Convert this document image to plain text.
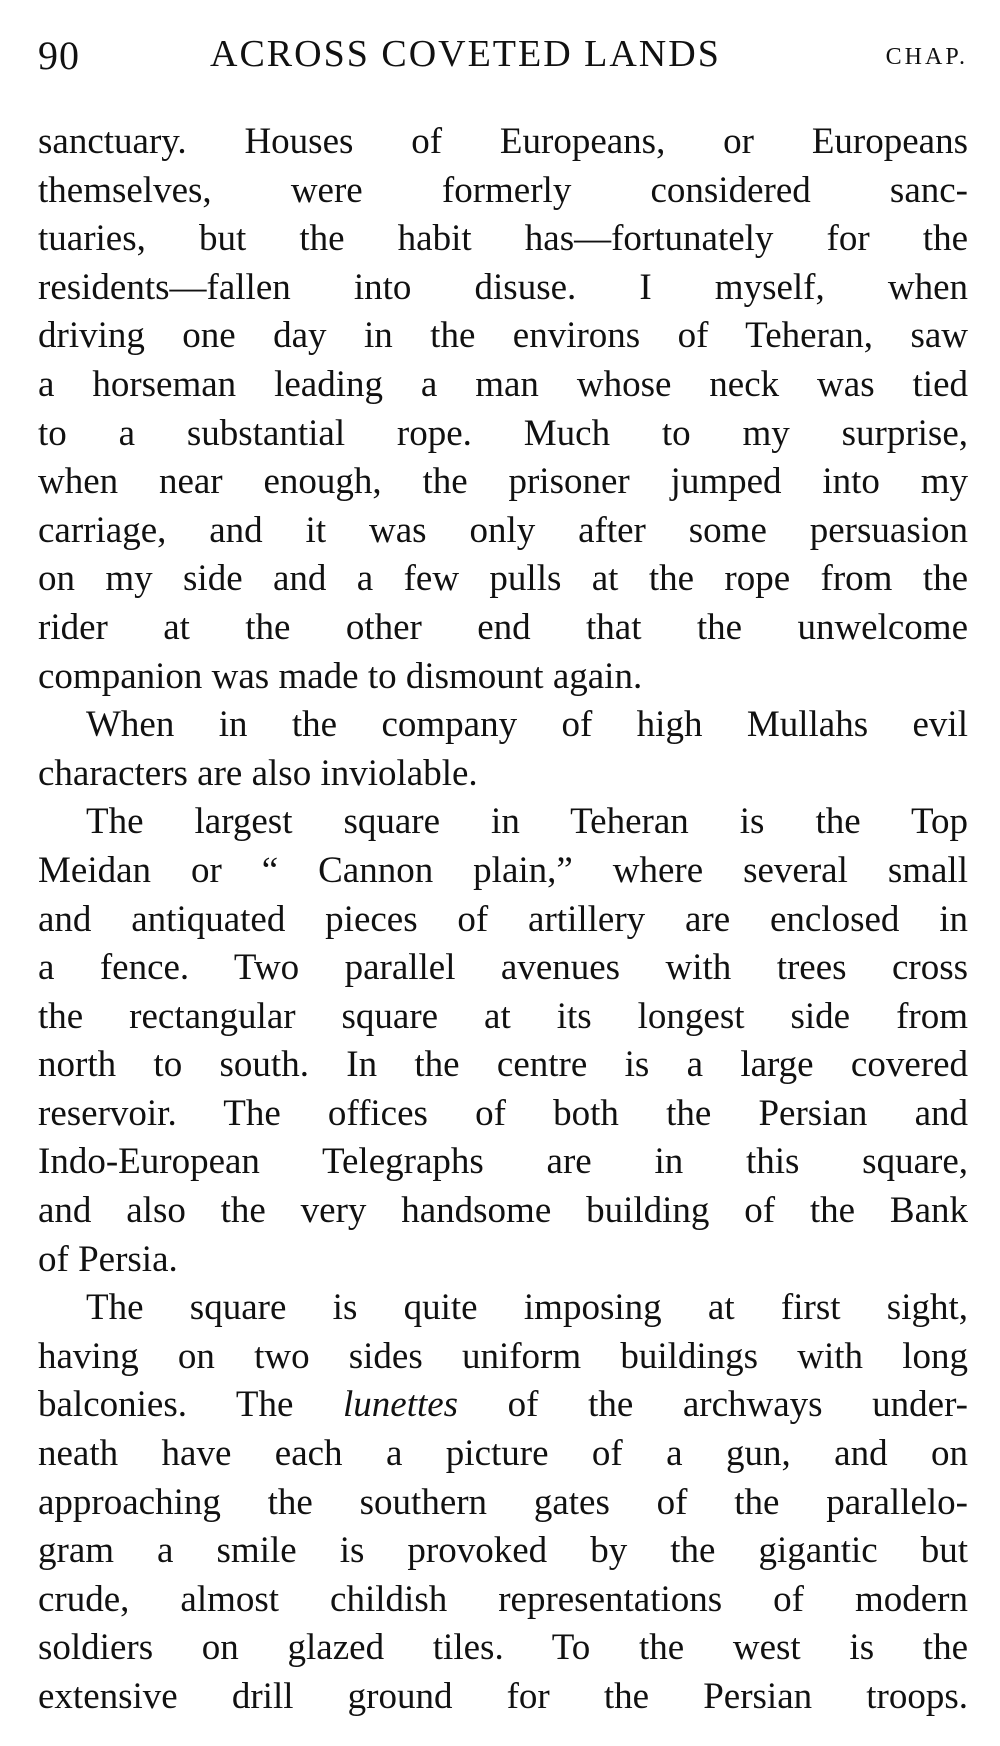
90	ACROSS COVETED LANDS	CHAP.
sanctuary. Houses of Europeans, or Europeans
themselves, were formerly considered sanc-
tuaries, but the habit has—fortunately for the
residents—fallen into disuse. I myself, when
driving one day in the environs of Teheran, saw
a horseman leading a man whose neck was tied
to a substantial rope. Much to my surprise,
when near enough, the prisoner jumped into my
carriage, and it was only after some persuasion
on my side and a few pulls at the rope from the
rider at the other end that the unwelcome
companion was made to dismount again.
When in the company of high Mullahs evil
characters are also inviolable.
The largest square in Teheran is the Top
Meidan or “ Cannon plain,” where several small
and antiquated pieces of artillery are enclosed in
a fence. Two parallel avenues with trees cross
the rectangular square at its longest side from
north to south. In the centre is a large covered
reservoir. The offices of both the Persian and
Indo-European Telegraphs are in this square,
and also the very handsome building of the Bank
of Persia.
The square is quite imposing at first sight,
having on two sides uniform buildings with long
balconies. The lunettes of the archways under-
neath have each a picture of a gun, and on
approaching the southern gates of the parallelo-
gram a smile is provoked by the gigantic but
crude, almost childish representations of modern
soldiers on glazed tiles. To the west is the
extensive drill ground for the Persian troops.
